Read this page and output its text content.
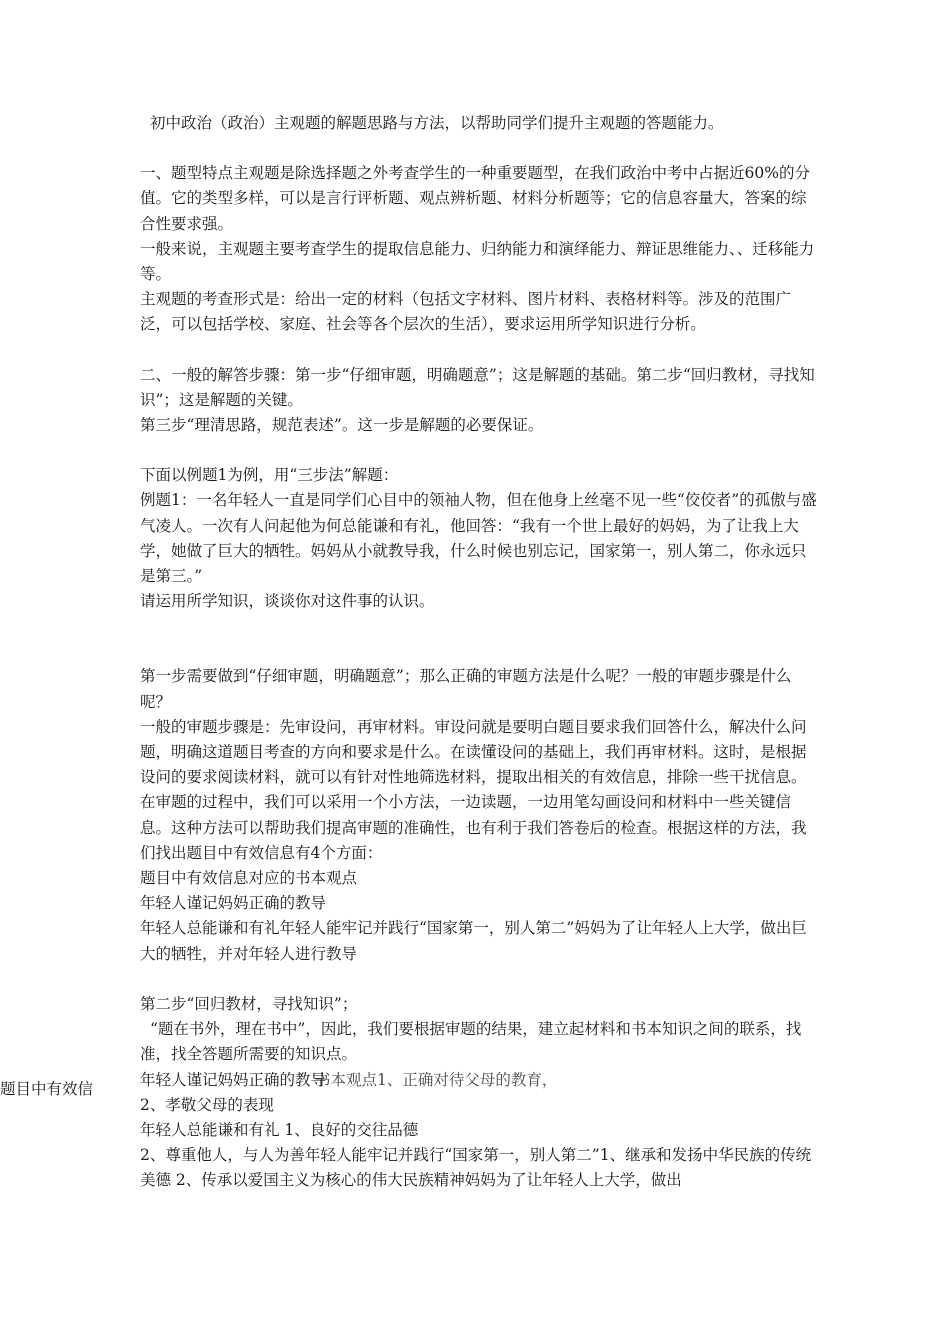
题目中有效信

初中政治（政治）主观题的解题思路与方法，以帮助同学们提升主观题的答题能力。

一、题型特点主观题是除选择题之外考查学生的一种重要题型，在我们政治中考中占据近60%的分值。它的类型多样，可以是言行评析题、观点辨析题、材料分析题等；它的信息容量大，答案的综合性要求强。

一般来说，主观题主要考查学生的提取信息能力、归纳能力和演绎能力、辩证思维能力、、迁移能力等。

主观题的考查形式是：给出一定的材料（包括文字材料、图片材料、表格材料等。涉及的范围广泛，可以包括学校、家庭、社会等各个层次的生活），要求运用所学知识进行分析。

二、一般的解答步骤：第一步“仔细审题，明确题意”；这是解题的基础。第二步“回归教材，寻找知识”；这是解题的关键。

第三步“理清思路，规范表述”。这一步是解题的必要保证。

下面以例题1为例，用“三步法”解题：

例题1：一名年轻人一直是同学们心目中的领袖人物，但在他身上丝毫不见一些“佼佼者”的孤傲与盛气凌人。一次有人问起他为何总能谦和有礼，他回答：“我有一个世上最好的妈妈，为了让我上大学，她做了巨大的牺牲。妈妈从小就教导我，什么时候也别忘记，国家第一，别人第二，你永远只是第三。”

请运用所学知识，谈谈你对这件事的认识。

第一步需要做到“仔细审题，明确题意”；那么正确的审题方法是什么呢？一般的审题步骤是什么呢？

一般的审题步骤是：先审设问，再审材料。审设问就是要明白题目要求我们回答什么，解决什么问题，明确这道题目考查的方向和要求是什么。在读懂设问的基础上，我们再审材料。这时，是根据设问的要求阅读材料，就可以有针对性地筛选材料，提取出相关的有效信息，排除一些干扰信息。

在审题的过程中，我们可以采用一个小方法，一边读题，一边用笔勾画设问和材料中一些关键信息。这种方法可以帮助我们提高审题的准确性，也有利于我们答卷后的检查。根据这样的方法，我们找出题目中有效信息有4个方面：

题目中有效信息对应的书本观点

年轻人谨记妈妈正确的教导

年轻人总能谦和有礼年轻人能牢记并践行“国家第一，别人第二”妈妈为了让年轻人上大学，做出巨大的牺牲，并对年轻人进行教导

第二步“回归教材，寻找知识”；

“题在书外，理在书中”，因此，我们要根据审题的结果，建立起材料和书本知识之间的联系，找准，找全答题所需要的知识点。

年轻人谨记妈妈正确的教导
书本观点1、正确对待父母的教育，

2、孝敬父母的表现

年轻人总能谦和有礼 1、良好的交往品德

2、尊重他人，与人为善年轻人能牢记并践行“国家第一，别人第二”1、继承和发扬中华民族的传统美德 2、传承以爱国主义为核心的伟大民族精神妈妈为了让年轻人上大学，做出
